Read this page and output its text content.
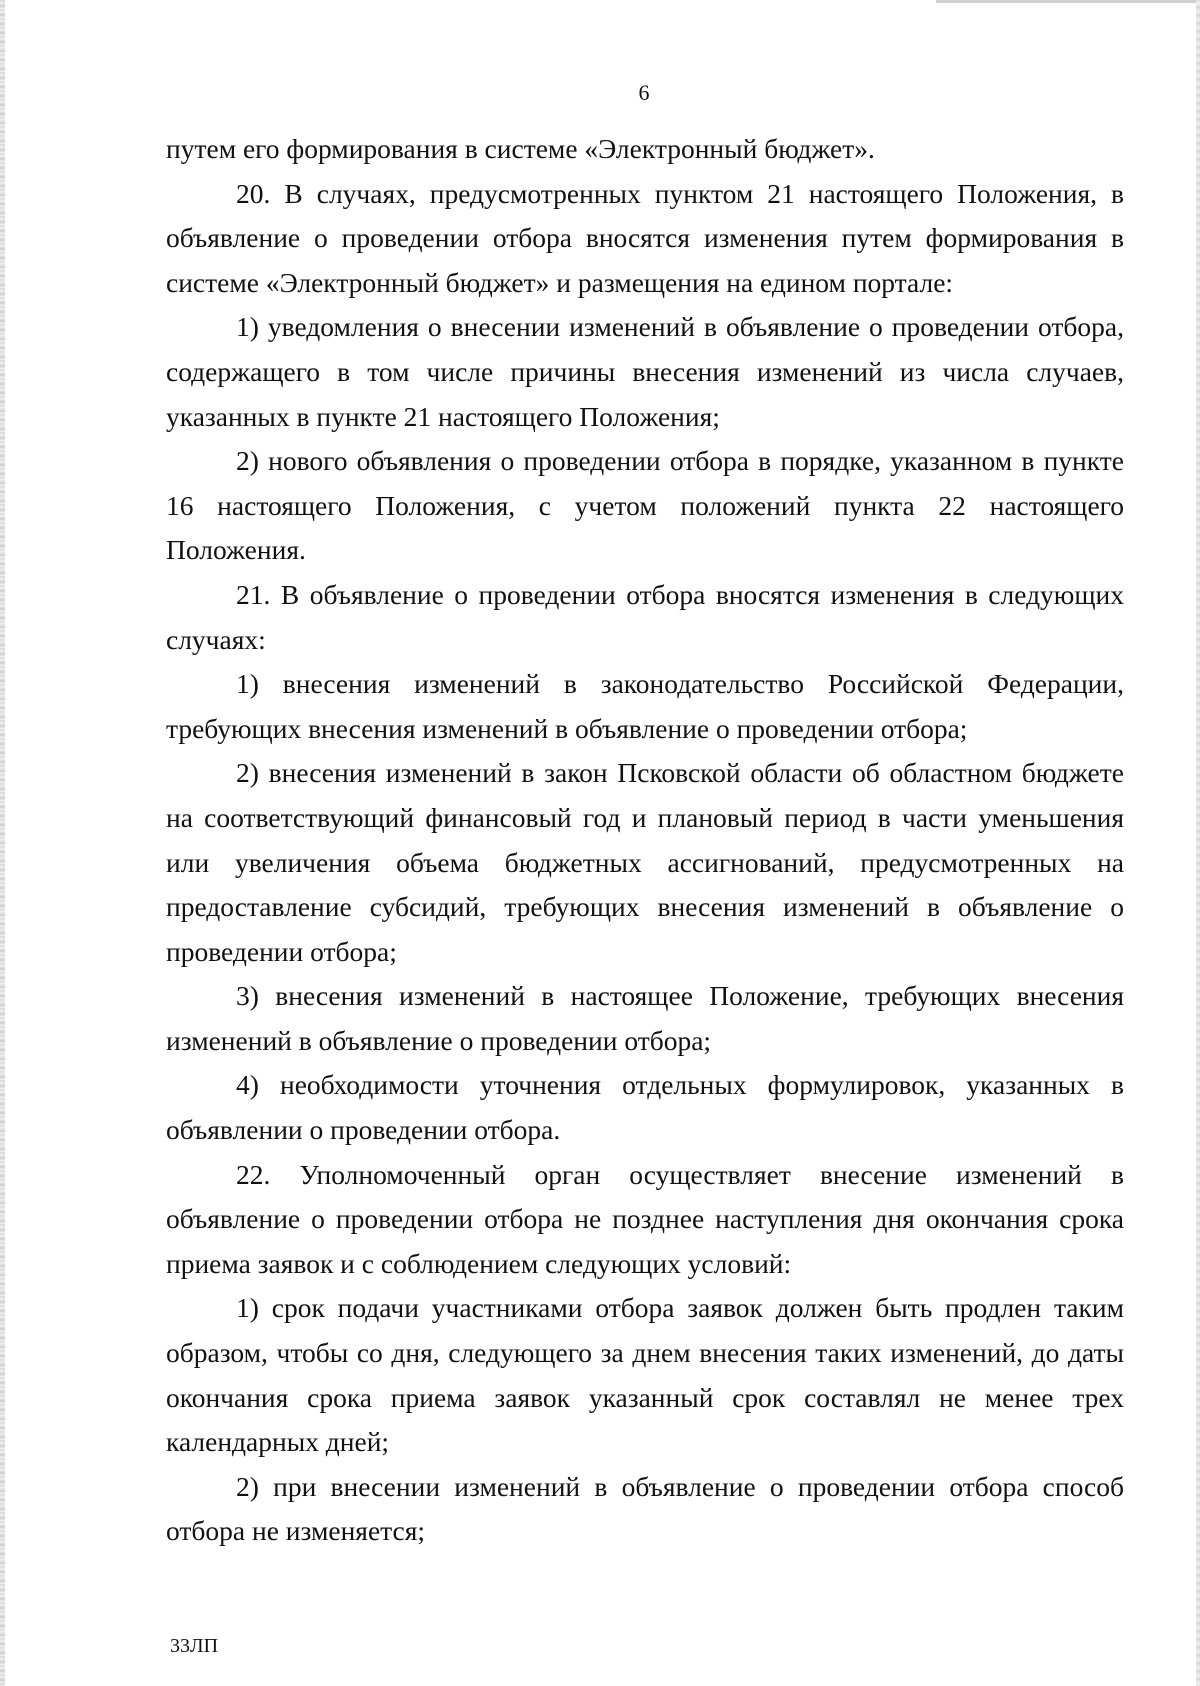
6

путем его формирования в системе «Электронный бюджет».

20. В случаях, предусмотренных пунктом 21 настоящего Положения, в объявление о проведении отбора вносятся изменения путем формирования в системе «Электронный бюджет» и размещения на едином портале:

1) уведомления о внесении изменений в объявление о проведении отбора, содержащего в том числе причины внесения изменений из числа случаев, указанных в пункте 21 настоящего Положения;

2) нового объявления о проведении отбора в порядке, указанном в пункте 16 настоящего Положения, с учетом положений пункта 22 настоящего Положения.

21. В объявление о проведении отбора вносятся изменения в следующих случаях:

1) внесения изменений в законодательство Российской Федерации, требующих внесения изменений в объявление о проведении отбора;

2) внесения изменений в закон Псковской области об областном бюджете на соответствующий финансовый год и плановый период в части уменьшения или увеличения объема бюджетных ассигнований, предусмотренных на предоставление субсидий, требующих внесения изменений в объявление о проведении отбора;

3) внесения изменений в настоящее Положение, требующих внесения изменений в объявление о проведении отбора;

4) необходимости уточнения отдельных формулировок, указанных в объявлении о проведении отбора.

22. Уполномоченный орган осуществляет внесение изменений в объявление о проведении отбора не позднее наступления дня окончания срока приема заявок и с соблюдением следующих условий:

1) срок подачи участниками отбора заявок должен быть продлен таким образом, чтобы со дня, следующего за днем внесения таких изменений, до даты окончания срока приема заявок указанный срок составлял не менее трех календарных дней;

2) при внесении изменений в объявление о проведении отбора способ отбора не изменяется;

33ЛП
